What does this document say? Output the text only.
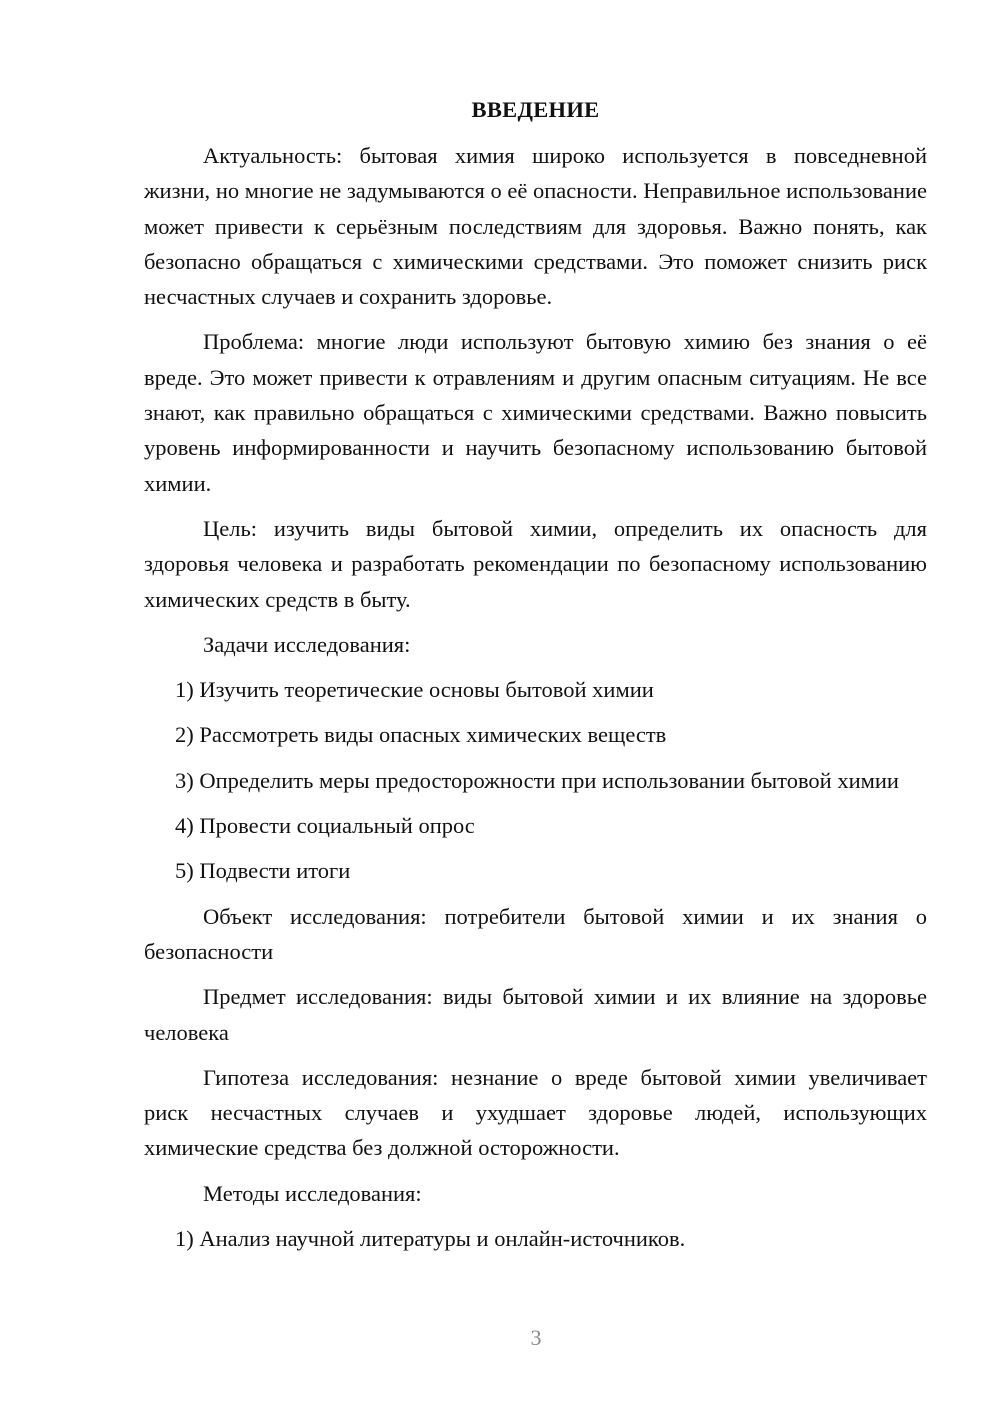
ВВЕДЕНИЕ

Актуальность: бытовая химия широко используется в повседневной жизни, но многие не задумываются о её опасности. Неправильное использование может привести к серьёзным последствиям для здоровья. Важно понять, как безопасно обращаться с химическими средствами. Это поможет снизить риск несчастных случаев и сохранить здоровье.

Проблема: многие люди используют бытовую химию без знания о её вреде. Это может привести к отравлениям и другим опасным ситуациям. Не все знают, как правильно обращаться с химическими средствами. Важно повысить уровень информированности и научить безопасному использованию бытовой химии.

Цель: изучить виды бытовой химии, определить их опасность для здоровья человека и разработать рекомендации по безопасному использованию химических средств в быту.

Задачи исследования:

1) Изучить теоретические основы бытовой химии

2) Рассмотреть виды опасных химических веществ

3) Определить меры предосторожности при использовании бытовой химии

4) Провести социальный опрос

5) Подвести итоги

Объект исследования: потребители бытовой химии и их знания о безопасности

Предмет исследования: виды бытовой химии и их влияние на здоровье человека

Гипотеза исследования: незнание о вреде бытовой химии увеличивает риск несчастных случаев и ухудшает здоровье людей, использующих химические средства без должной осторожности.

Методы исследования:

1) Анализ научной литературы и онлайн-источников.

3
